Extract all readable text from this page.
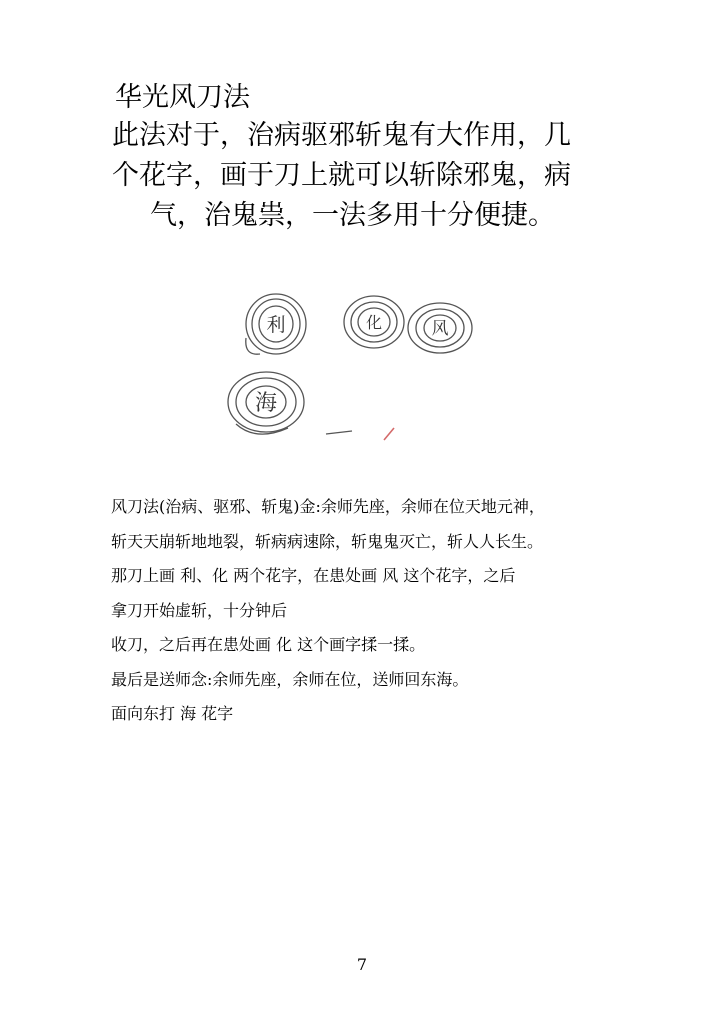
华光风刀法
此法对于，治病驱邪斩鬼有大作用，几
个花字，画于刀上就可以斩除邪鬼，病
气，治鬼祟，一法多用十分便捷。
利	化	风
海
风刀法(治病、驱邪、斩鬼)金:余师先座，余师在位天地元神，
斩天天崩斩地地裂，斩病病速除，斩鬼鬼灭亡，斩人人长生。
那刀上画 利、化 两个花字，在患处画 风 这个花字，之后
拿刀开始虚斩，十分钟后
收刀，之后再在患处画 化 这个画字揉一揉。
最后是送师念:余师先座，余师在位，送师回东海。
面向东打 海 花字
7
